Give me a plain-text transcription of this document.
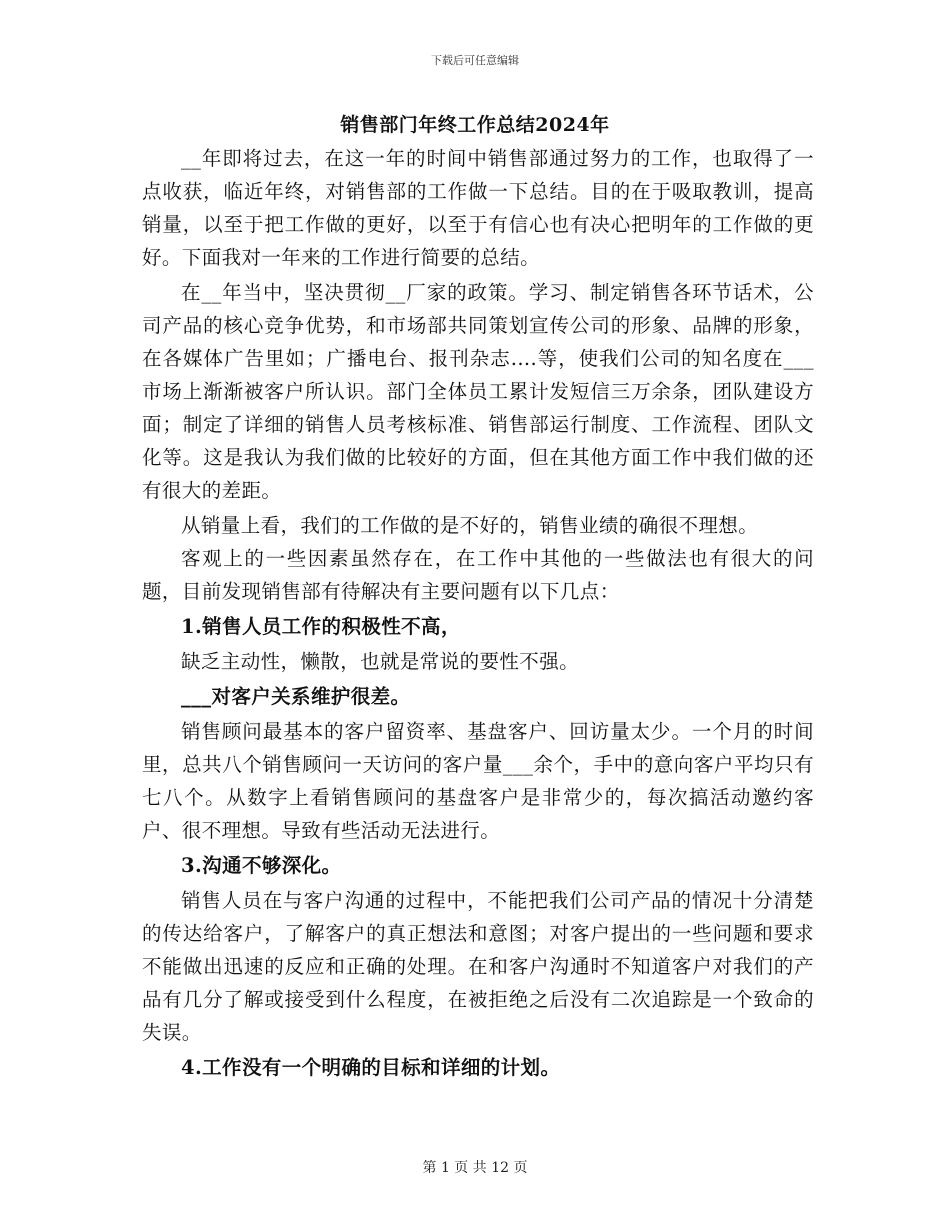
下载后可任意编辑
销售部门年终工作总结2024年

__年即将过去，在这一年的时间中销售部通过努力的工作，也取得了一点收获，临近年终，对销售部的工作做一下总结。目的在于吸取教训，提高销量，以至于把工作做的更好，以至于有信心也有决心把明年的工作做的更好。下面我对一年来的工作进行简要的总结。

在__年当中，坚决贯彻__厂家的政策。学习、制定销售各环节话术，公司产品的核心竞争优势，和市场部共同策划宣传公司的形象、品牌的形象，在各媒体广告里如；广播电台、报刊杂志....等，使我们公司的知名度在___市场上渐渐被客户所认识。部门全体员工累计发短信三万余条，团队建设方面；制定了详细的销售人员考核标准、销售部运行制度、工作流程、团队文化等。这是我认为我们做的比较好的方面，但在其他方面工作中我们做的还有很大的差距。

从销量上看，我们的工作做的是不好的，销售业绩的确很不理想。

客观上的一些因素虽然存在，在工作中其他的一些做法也有很大的问题，目前发现销售部有待解决有主要问题有以下几点：

1.销售人员工作的积极性不高，

缺乏主动性，懒散，也就是常说的要性不强。

___对客户关系维护很差。

销售顾问最基本的客户留资率、基盘客户、回访量太少。一个月的时间里，总共八个销售顾问一天访问的客户量___余个，手中的意向客户平均只有七八个。从数字上看销售顾问的基盘客户是非常少的，每次搞活动邀约客户、很不理想。导致有些活动无法进行。

3.沟通不够深化。

销售人员在与客户沟通的过程中，不能把我们公司产品的情况十分清楚的传达给客户，了解客户的真正想法和意图；对客户提出的一些问题和要求不能做出迅速的反应和正确的处理。在和客户沟通时不知道客户对我们的产品有几分了解或接受到什么程度，在被拒绝之后没有二次追踪是一个致命的失误。

4.工作没有一个明确的目标和详细的计划。

第 1 页 共 12 页
